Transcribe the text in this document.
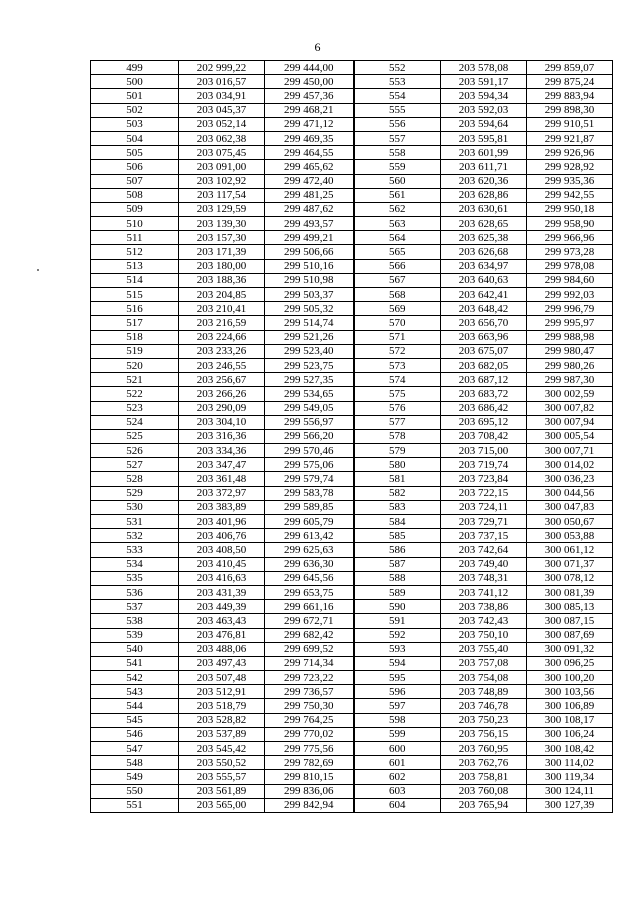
6
499	202 999,22	299 444,00	552	203 578,08	299 859,07
500	203 016,57	299 450,00	553	203 591,17	299 875,24
501	203 034,91	299 457,36	554	203 594,34	299 883,94
502	203 045,37	299 468,21	555	203 592,03	299 898,30
503	203 052,14	299 471,12	556	203 594,64	299 910,51
504	203 062,38	299 469,35	557	203 595,81	299 921,87
505	203 075,45	299 464,55	558	203 601,99	299 926,96
506	203 091,00	299 465,62	559	203 611,71	299 928,92
507	203 102,92	299 472,40	560	203 620,36	299 935,36
508	203 117,54	299 481,25	561	203 628,86	299 942,55
509	203 129,59	299 487,62	562	203 630,61	299 950,18
510	203 139,30	299 493,57	563	203 628,65	299 958,90
511	203 157,30	299 499,21	564	203 625,38	299 966,96
512	203 171,39	299 506,66	565	203 626,68	299 973,28
513	203 180,00	299 510,16	566	203 634,97	299 978,08
514	203 188,36	299 510,98	567	203 640,63	299 984,60
515	203 204,85	299 503,37	568	203 642,41	299 992,03
516	203 210,41	299 505,32	569	203 648,42	299 996,79
517	203 216,59	299 514,74	570	203 656,70	299 995,97
518	203 224,66	299 521,26	571	203 663,96	299 988,98
519	203 233,26	299 523,40	572	203 675,07	299 980,47
520	203 246,55	299 523,75	573	203 682,05	299 980,26
521	203 256,67	299 527,35	574	203 687,12	299 987,30
522	203 266,26	299 534,65	575	203 683,72	300 002,59
523	203 290,09	299 549,05	576	203 686,42	300 007,82
524	203 304,10	299 556,97	577	203 695,12	300 007,94
525	203 316,36	299 566,20	578	203 708,42	300 005,54
526	203 334,36	299 570,46	579	203 715,00	300 007,71
527	203 347,47	299 575,06	580	203 719,74	300 014,02
528	203 361,48	299 579,74	581	203 723,84	300 036,23
529	203 372,97	299 583,78	582	203 722,15	300 044,56
530	203 383,89	299 589,85	583	203 724,11	300 047,83
531	203 401,96	299 605,79	584	203 729,71	300 050,67
532	203 406,76	299 613,42	585	203 737,15	300 053,88
533	203 408,50	299 625,63	586	203 742,64	300 061,12
534	203 410,45	299 636,30	587	203 749,40	300 071,37
535	203 416,63	299 645,56	588	203 748,31	300 078,12
536	203 431,39	299 653,75	589	203 741,12	300 081,39
537	203 449,39	299 661,16	590	203 738,86	300 085,13
538	203 463,43	299 672,71	591	203 742,43	300 087,15
539	203 476,81	299 682,42	592	203 750,10	300 087,69
540	203 488,06	299 699,52	593	203 755,40	300 091,32
541	203 497,43	299 714,34	594	203 757,08	300 096,25
542	203 507,48	299 723,22	595	203 754,08	300 100,20
543	203 512,91	299 736,57	596	203 748,89	300 103,56
544	203 518,79	299 750,30	597	203 746,78	300 106,89
545	203 528,82	299 764,25	598	203 750,23	300 108,17
546	203 537,89	299 770,02	599	203 756,15	300 106,24
547	203 545,42	299 775,56	600	203 760,95	300 108,42
548	203 550,52	299 782,69	601	203 762,76	300 114,02
549	203 555,57	299 810,15	602	203 758,81	300 119,34
550	203 561,89	299 836,06	603	203 760,08	300 124,11
551	203 565,00	299 842,94	604	203 765,94	300 127,39
